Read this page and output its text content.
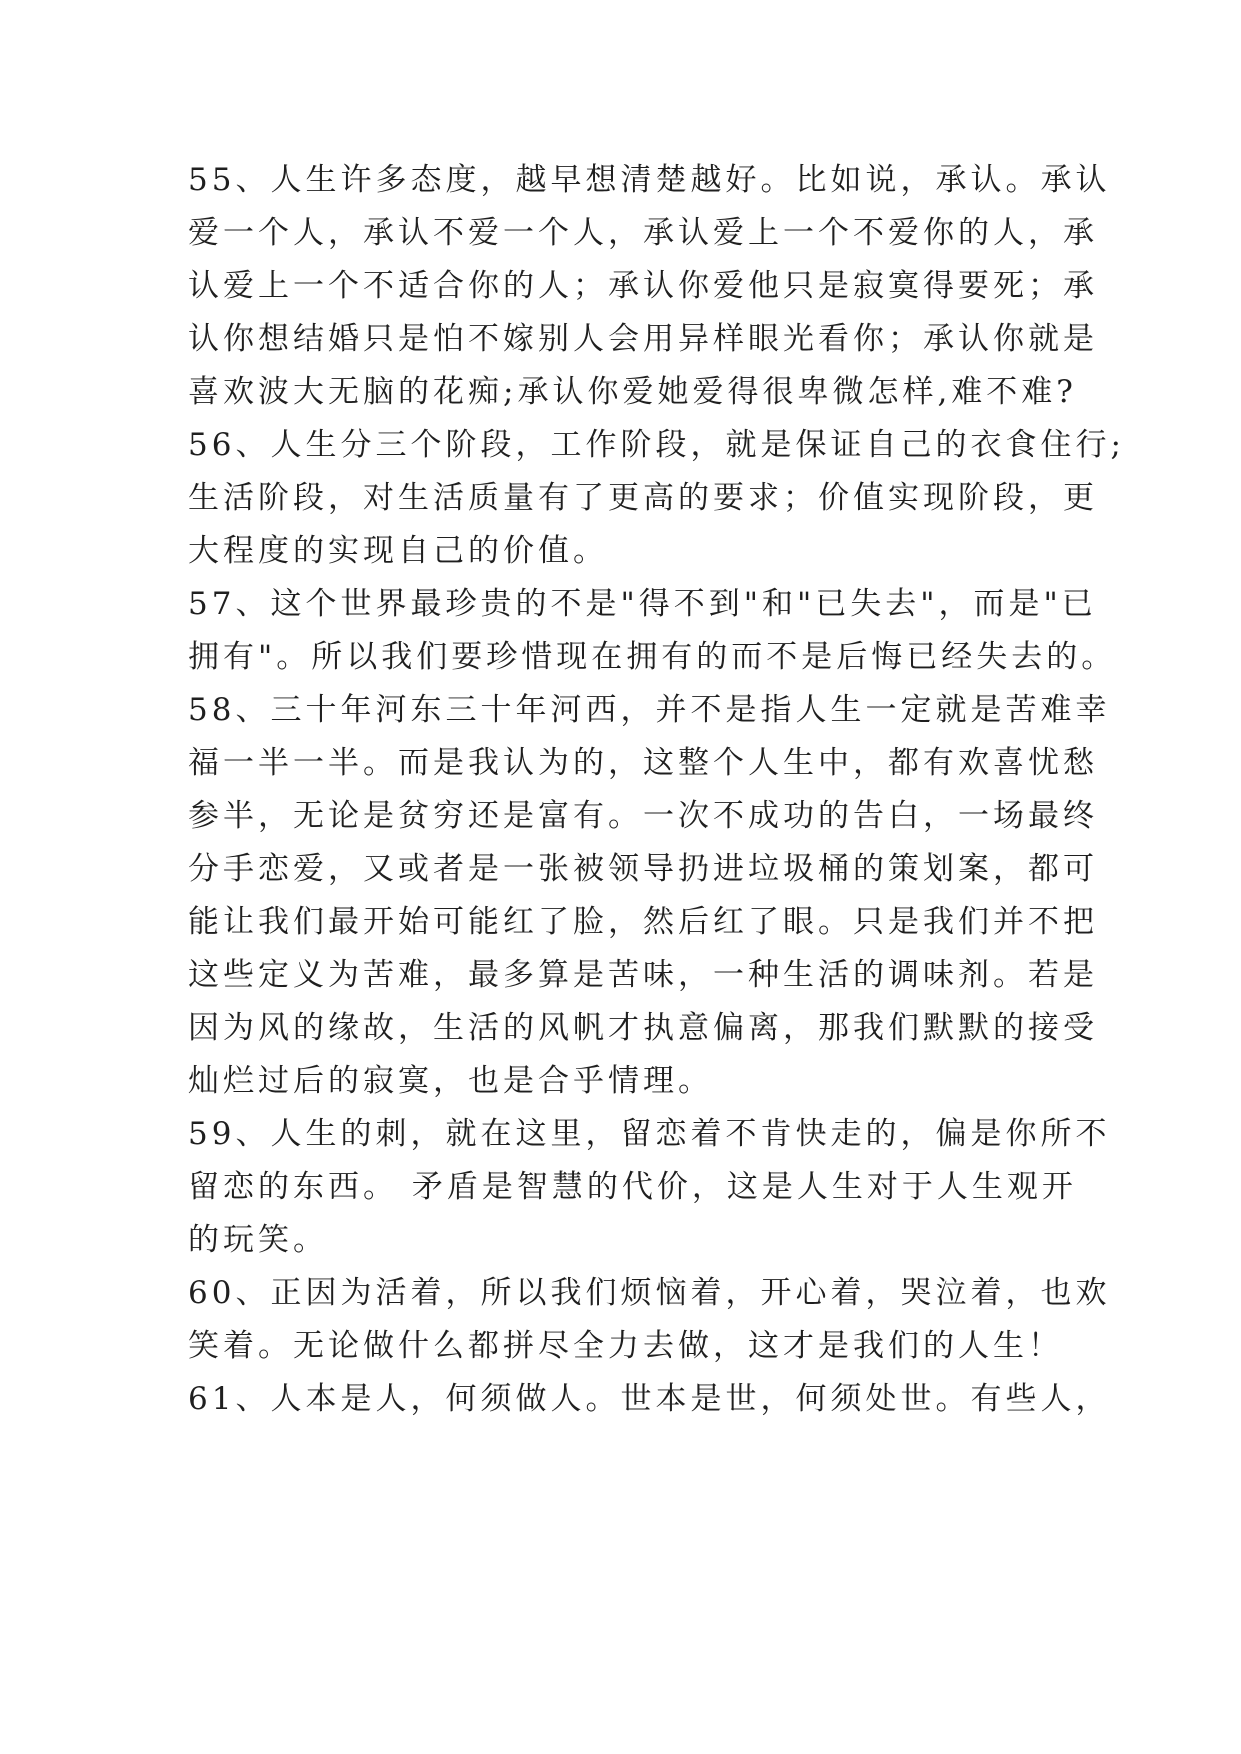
55、人生许多态度，越早想清楚越好。比如说，承认。承认
爱一个人，承认不爱一个人，承认爱上一个不爱你的人，承
认爱上一个不适合你的人；承认你爱他只是寂寞得要死；承
认你想结婚只是怕不嫁别人会用异样眼光看你；承认你就是
喜欢波大无脑的花痴;承认你爱她爱得很卑微怎样,难不难?
56、人生分三个阶段，工作阶段，就是保证自己的衣食住行;
生活阶段，对生活质量有了更高的要求；价值实现阶段，更
大程度的实现自己的价值。
57、这个世界最珍贵的不是"得不到"和"已失去"，而是"已
拥有"。所以我们要珍惜现在拥有的而不是后悔已经失去的。
58、三十年河东三十年河西，并不是指人生一定就是苦难幸
福一半一半。而是我认为的，这整个人生中，都有欢喜忧愁
参半，无论是贫穷还是富有。一次不成功的告白，一场最终
分手恋爱，又或者是一张被领导扔进垃圾桶的策划案，都可
能让我们最开始可能红了脸，然后红了眼。只是我们并不把
这些定义为苦难，最多算是苦味，一种生活的调味剂。若是
因为风的缘故，生活的风帆才执意偏离，那我们默默的接受
灿烂过后的寂寞，也是合乎情理。
59、人生的刺，就在这里，留恋着不肯快走的，偏是你所不
留恋的东西。 矛盾是智慧的代价，这是人生对于人生观开
的玩笑。
60、正因为活着，所以我们烦恼着，开心着，哭泣着，也欢
笑着。无论做什么都拼尽全力去做，这才是我们的人生！
61、人本是人，何须做人。世本是世，何须处世。有些人，
